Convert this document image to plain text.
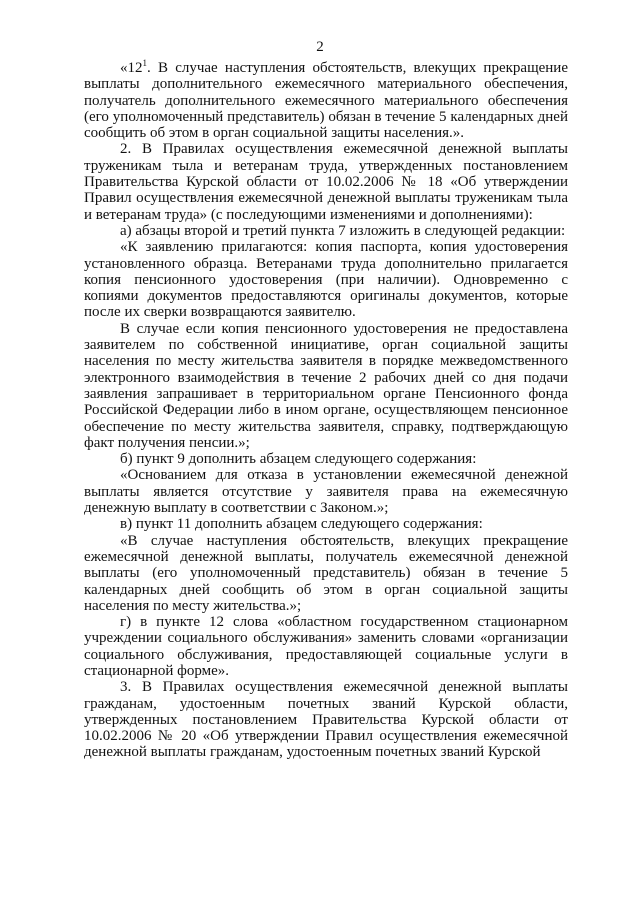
2

«$12^1$. В случае наступления обстоятельств, влекущих прекращение выплаты дополнительного ежемесячного материального обеспечения, получатель дополнительного ежемесячного материального обеспечения (его уполномоченный представитель) обязан в течение 5 календарных дней сообщить об этом в орган социальной защиты населения.».

2. В Правилах осуществления ежемесячной денежной выплаты труженикам тыла и ветеранам труда, утвержденных постановлением Правительства Курской области от 10.02.2006 № 18 «Об утверждении Правил осуществления ежемесячной денежной выплаты труженикам тыла и ветеранам труда» (с последующими изменениями и дополнениями):

а) абзацы второй и третий пункта 7 изложить в следующей редакции:

«К заявлению прилагаются: копия паспорта, копия удостоверения установленного образца. Ветеранами труда дополнительно прилагается копия пенсионного удостоверения (при наличии). Одновременно с копиями документов предоставляются оригиналы документов, которые после их сверки возвращаются заявителю.

В случае если копия пенсионного удостоверения не предоставлена заявителем по собственной инициативе, орган социальной защиты населения по месту жительства заявителя в порядке межведомственного электронного взаимодействия в течение 2 рабочих дней со дня подачи заявления запрашивает в территориальном органе Пенсионного фонда Российской Федерации либо в ином органе, осуществляющем пенсионное обеспечение по месту жительства заявителя, справку, подтверждающую факт получения пенсии.»;

б) пункт 9 дополнить абзацем следующего содержания:

«Основанием для отказа в установлении ежемесячной денежной выплаты является отсутствие у заявителя права на ежемесячную денежную выплату в соответствии с Законом.»;

в) пункт 11 дополнить абзацем следующего содержания:

«В случае наступления обстоятельств, влекущих прекращение ежемесячной денежной выплаты, получатель ежемесячной денежной выплаты (его уполномоченный представитель) обязан в течение 5 календарных дней сообщить об этом в орган социальной защиты населения по месту жительства.»;

г) в пункте 12 слова «областном государственном стационарном учреждении социального обслуживания» заменить словами «организации социального обслуживания, предоставляющей социальные услуги в стационарной форме».

3. В Правилах осуществления ежемесячной денежной выплаты гражданам, удостоенным почетных званий Курской области, утвержденных постановлением Правительства Курской области от 10.02.2006 № 20 «Об утверждении Правил осуществления ежемесячной денежной выплаты гражданам, удостоенным почетных званий Курской
